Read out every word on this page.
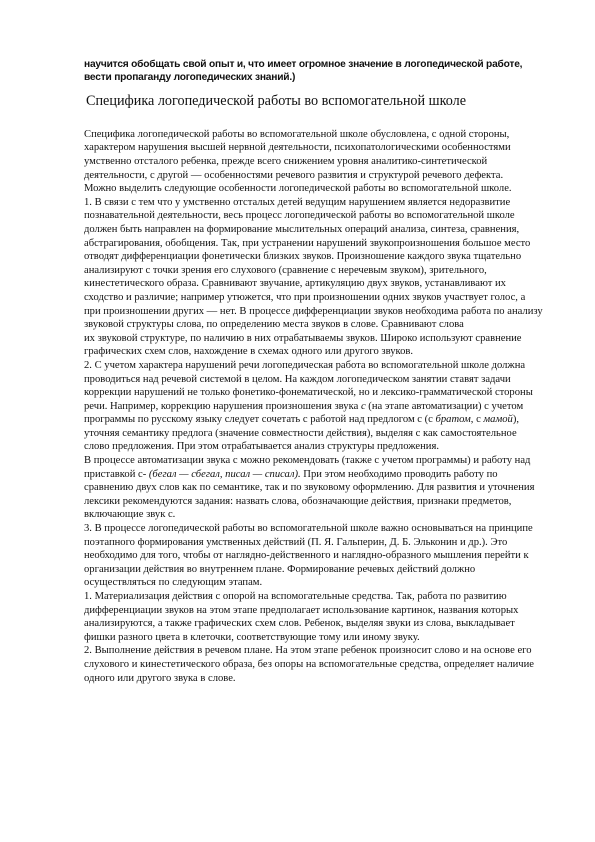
научится обобщать свой опыт и, что имеет огромное значение в логопедической работе, вести пропаганду логопедических знаний.)

Специфика логопедической работы во вспомогательной школе

Специфика логопедической работы во вспомогательной школе обусловлена, с одной стороны, характером нарушения высшей нервной деятельности, психопатологическими особенностями умственно отсталого ребенка, прежде всего снижением уровня аналитико-синтетической деятельности, с другой — особенностями речевого развития и структурой речевого дефекта.

Можно выделить следующие особенности логопедической работы во вспомогательной школе.

1. В связи с тем что у умственно отсталых детей ведущим нарушением является недоразвитие познавательной деятельности, весь процесс логопедической работы во вспомогательной школе должен быть направлен на формирование мыслительных операций анализа, синтеза, сравнения, абстрагирования, обобщения. Так, при устранении нарушений звукопроизношения большое место отводят дифференциации фонетически близких звуков. Произношение каждого звука тщательно анализируют с точки зрения его слухового (сравнение с неречевым звуком), зрительного, кинестетического образа. Сравнивают звучание, артикуляцию двух звуков, устанавливают их сходство и различие; например утюжется, что при произношении одних звуков участвует голос, а при произношении других — нет. В процессе дифференциации звуков необходима работа по анализу звуковой структуры слова, по определению места звуков в слове. Сравнивают слова

их звуковой структуре, по наличию в них отрабатываемы звуков. Широко используют сравнение графических схем слов, нахождение в схемах одного или другого звуков.

2. С учетом характера нарушений речи логопедическая работа во вспомогательной школе должна проводиться над речевой системой в целом. На каждом логопедическом занятии ставят задачи коррекции нарушений не только фонетико-фонематической, но и лексико-грамматической стороны речи. Например, коррекцию нарушения произношения звука с (на этапе автоматизации) с учетом программы по русскому языку следует сочетать с работой над предлогом с (с братом, с мамой), уточняя семантику предлога (значение совместности действия), выделяя с как самостоятельное слово предложения. При этом отрабатывается анализ структуры предложения.

В процессе автоматизации звука с можно рекомендовать (также с учетом программы) и работу над приставкой с- (бегал — сбегал, писал — списал). При этом необходимо проводить работу по сравнению двух слов как по семантике, так и по звуковому оформлению. Для развития и уточнения лексики рекомендуются задания: назвать слова, обозначающие действия, признаки предметов, включающие звук с.

3. В процессе логопедической работы во вспомогательной школе важно основываться на принципе поэтапного формирования умственных действий (П. Я. Гальперин, Д. Б. Эльконин и др.). Это необходимо для того, чтобы от наглядно-действенного и наглядно-образного мышления перейти к организации действия во внутреннем плане. Формирование речевых действий должно осуществляться по следующим этапам.

1. Материализация действия с опорой на вспомогательные средства. Так, работа по развитию дифференциации звуков на этом этапе предполагает использование картинок, названия которых анализируются, а также графических схем слов. Ребенок, выделяя звуки из слова, выкладывает фишки разного цвета в клеточки, соответствующие тому или иному звуку.

2. Выполнение действия в речевом плане. На этом этапе ребенок произносит слово и на основе его слухового и кинестетического образа, без опоры на вспомогательные средства, определяет наличие одного или другого звука в слове.
